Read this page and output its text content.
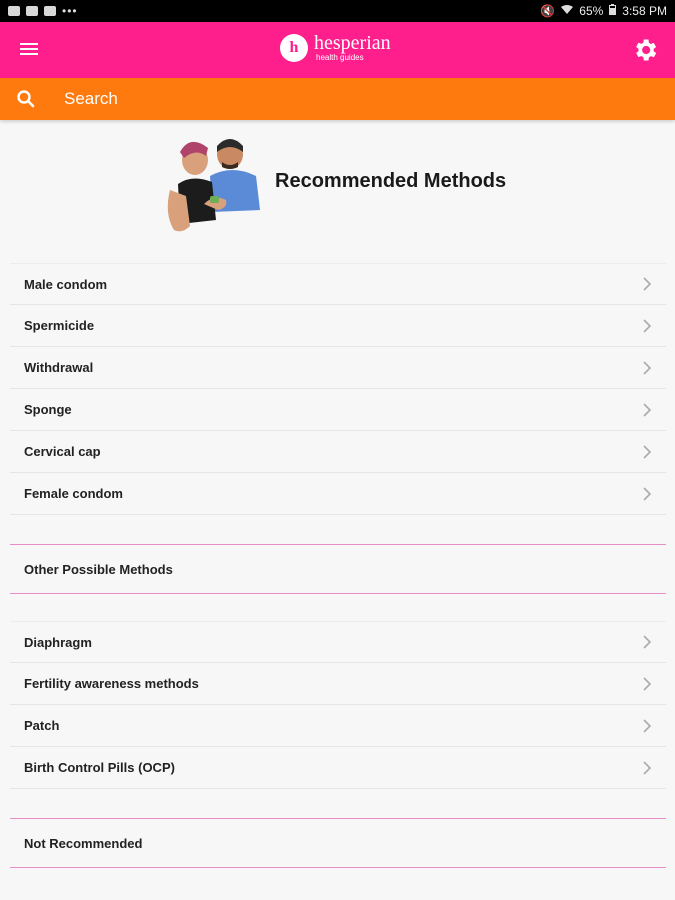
•••	🔇 65% 3:58 PM
h hesperian
health guides
Search
Recommended Methods
Male condom
Spermicide
Withdrawal
Sponge
Cervical cap
Female condom
Other Possible Methods
Diaphragm
Fertility awareness methods
Patch
Birth Control Pills (OCP)
Not Recommended
